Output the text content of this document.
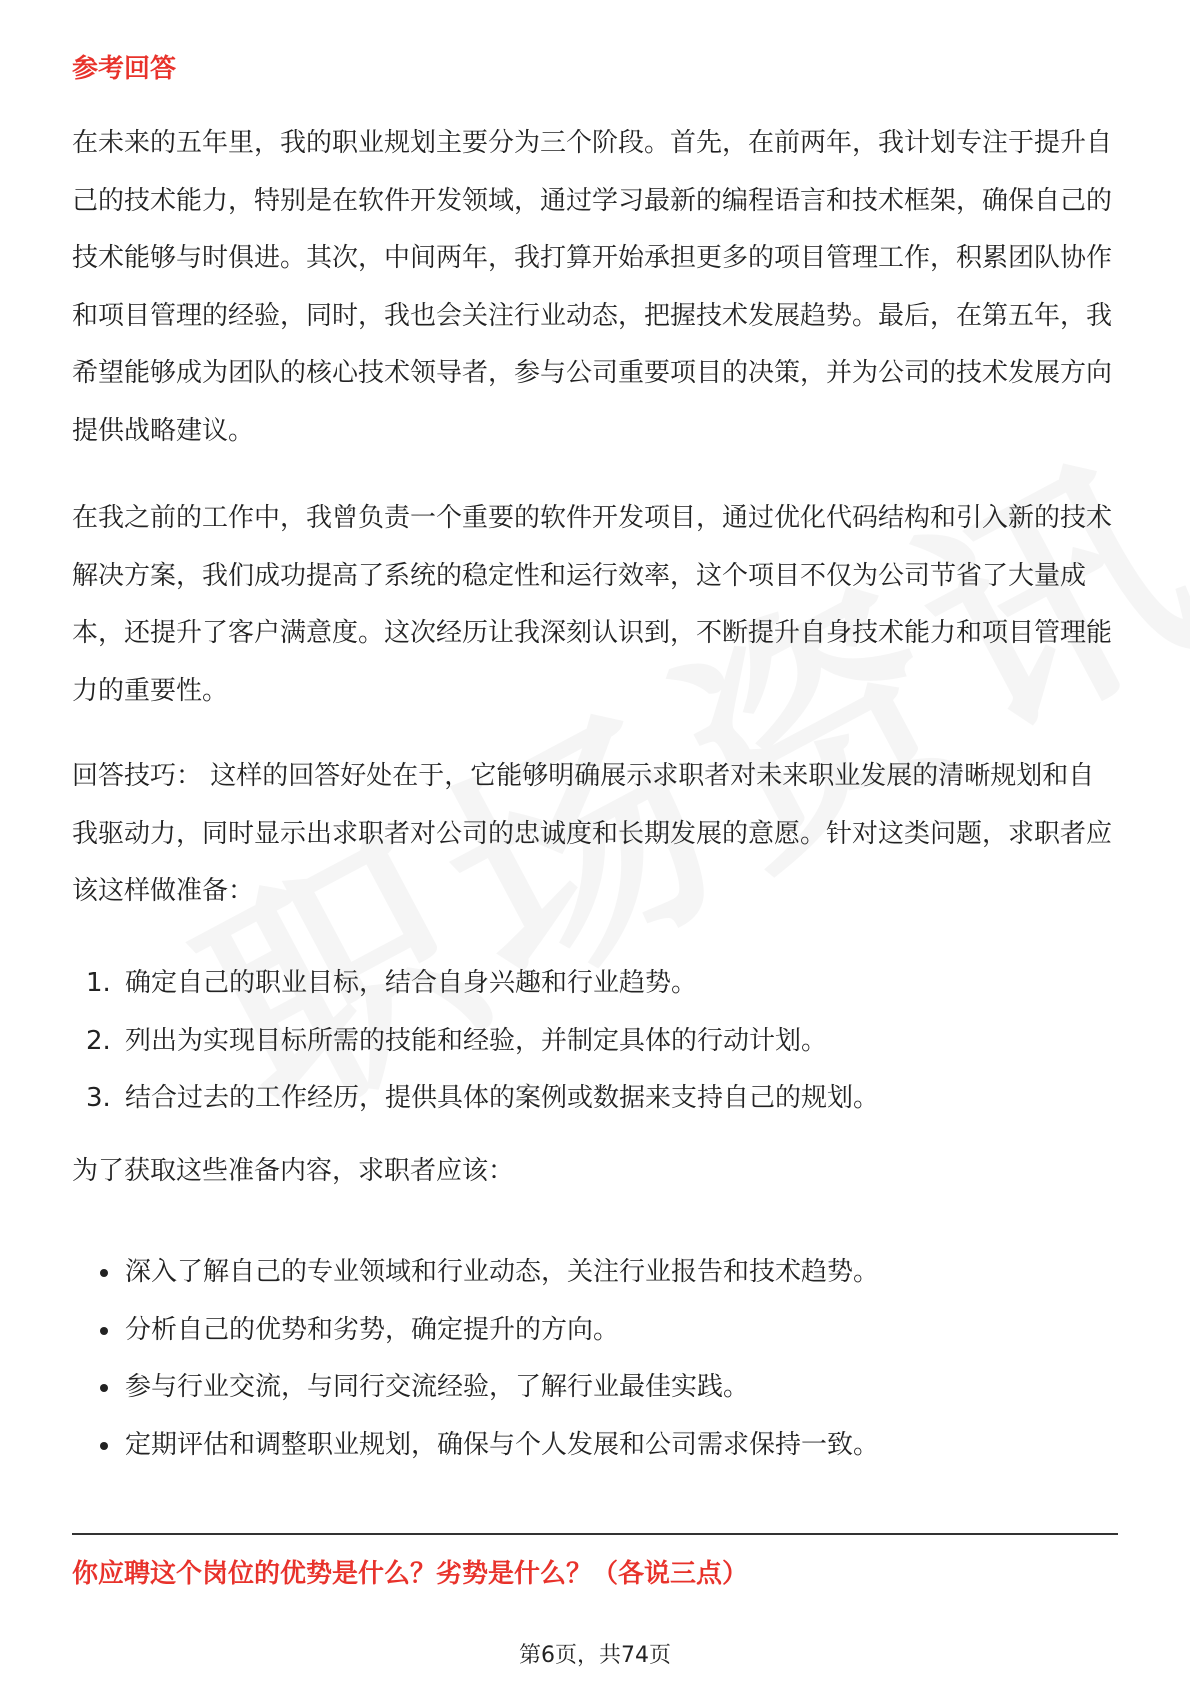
参考回答

在未来的五年里，我的职业规划主要分为三个阶段。首先，在前两年，我计划专注于提升自己的技术能力，特别是在软件开发领域，通过学习最新的编程语言和技术框架，确保自己的技术能够与时俱进。其次，中间两年，我打算开始承担更多的项目管理工作，积累团队协作和项目管理的经验，同时，我也会关注行业动态，把握技术发展趋势。最后，在第五年，我希望能够成为团队的核心技术领导者，参与公司重要项目的决策，并为公司的技术发展方向提供战略建议。

在我之前的工作中，我曾负责一个重要的软件开发项目，通过优化代码结构和引入新的技术解决方案，我们成功提高了系统的稳定性和运行效率，这个项目不仅为公司节省了大量成本，还提升了客户满意度。这次经历让我深刻认识到，不断提升自身技术能力和项目管理能力的重要性。

回答技巧： 这样的回答好处在于，它能够明确展示求职者对未来职业发展的清晰规划和自我驱动力，同时显示出求职者对公司的忠诚度和长期发展的意愿。针对这类问题，求职者应该这样做准备：

1. 确定自己的职业目标，结合自身兴趣和行业趋势。
2. 列出为实现目标所需的技能和经验，并制定具体的行动计划。
3. 结合过去的工作经历，提供具体的案例或数据来支持自己的规划。

为了获取这些准备内容，求职者应该：

深入了解自己的专业领域和行业动态，关注行业报告和技术趋势。
分析自己的优势和劣势，确定提升的方向。
参与行业交流，与同行交流经验，了解行业最佳实践。
定期评估和调整职业规划，确保与个人发展和公司需求保持一致。
你应聘这个岗位的优势是什么？劣势是什么？（各说三点）
第6页，共74页
